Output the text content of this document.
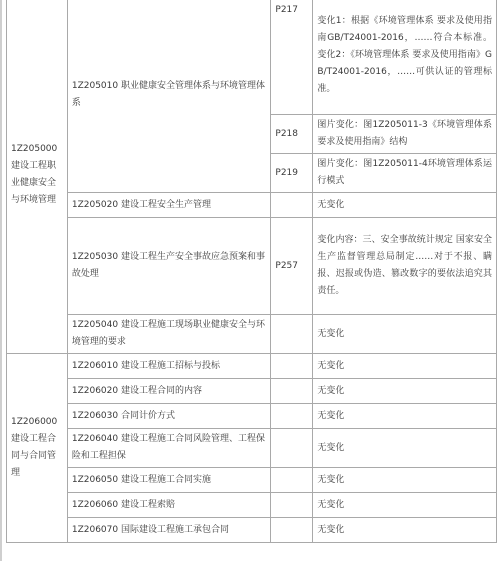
1Z205000 建设工程职业健康安全与环境管理	1Z205010 职业健康安全管理体系与环境管理体系	P217	变化1：根据《环境管理体系 要求及使用指南GB/T24001-2016，……符合本标准。 变化2：《环境管理体系 要求及使用指南》GB/T24001-2016，……可供认证的管理标准。
		P218	图片变化：图1Z205011-3《环境管理体系 要求及使用指南》结构
		P219	图片变化：图1Z205011-4环境管理体系运行模式
	1Z205020 建设工程安全生产管理		无变化
	1Z205030 建设工程生产安全事故应急预案和事故处理	P257	变化内容：三、安全事故统计规定 国家安全生产监督管理总局制定……对于不报、瞒报、迟报或伪造、篡改数字的要依法追究其责任。
	1Z205040 建设工程施工现场职业健康安全与环境管理的要求		无变化
1Z206000 建设工程合同与合同管理	1Z206010 建设工程施工招标与投标		无变化
	1Z206020 建设工程合同的内容		无变化
	1Z206030 合同计价方式		无变化
	1Z206040 建设工程施工合同风险管理、工程保险和工程担保		无变化
	1Z206050 建设工程施工合同实施		无变化
	1Z206060 建设工程索赔		无变化
	1Z206070 国际建设工程施工承包合同		无变化
